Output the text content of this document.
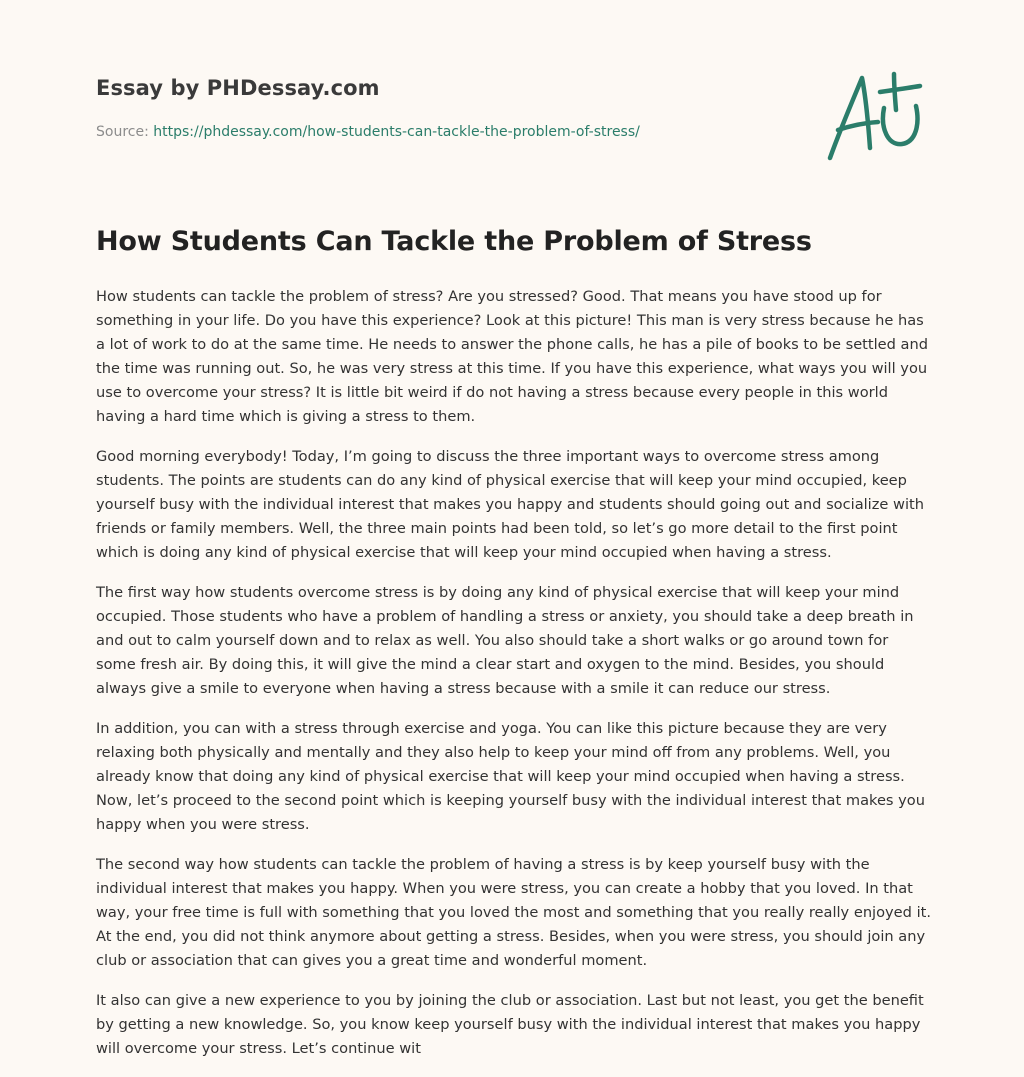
Essay by PHDessay.com

Source: https://phdessay.com/how-students-can-tackle-the-problem-of-stress/

How Students Can Tackle the Problem of Stress

How students can tackle the problem of stress? Are you stressed? Good. That means you have stood up for something in your life. Do you have this experience? Look at this picture! This man is very stress because he has a lot of work to do at the same time. He needs to answer the phone calls, he has a pile of books to be settled and the time was running out. So, he was very stress at this time. If you have this experience, what ways you will you use to overcome your stress? It is little bit weird if do not having a stress because every people in this world having a hard time which is giving a stress to them.

Good morning everybody! Today, I’m going to discuss the three important ways to overcome stress among students. The points are students can do any kind of physical exercise that will keep your mind occupied, keep yourself busy with the individual interest that makes you happy and students should going out and socialize with friends or family members. Well, the three main points had been told, so let’s go more detail to the first point which is doing any kind of physical exercise that will keep your mind occupied when having a stress.

The first way how students overcome stress is by doing any kind of physical exercise that will keep your mind occupied. Those students who have a problem of handling a stress or anxiety, you should take a deep breath in and out to calm yourself down and to relax as well. You also should take a short walks or go around town for some fresh air. By doing this, it will give the mind a clear start and oxygen to the mind. Besides, you should always give a smile to everyone when having a stress because with a smile it can reduce our stress.

In addition, you can with a stress through exercise and yoga. You can like this picture because they are very relaxing both physically and mentally and they also help to keep your mind off from any problems. Well, you already know that doing any kind of physical exercise that will keep your mind occupied when having a stress. Now, let’s proceed to the second point which is keeping yourself busy with the individual interest that makes you happy when you were stress.

The second way how students can tackle the problem of having a stress is by keep yourself busy with the individual interest that makes you happy. When you were stress, you can create a hobby that you loved. In that way, your free time is full with something that you loved the most and something that you really really enjoyed it. At the end, you did not think anymore about getting a stress. Besides, when you were stress, you should join any club or association that can gives you a great time and wonderful moment.

It also can give a new experience to you by joining the club or association. Last but not least, you get the benefit by getting a new knowledge. So, you know keep yourself busy with the individual interest that makes you happy will overcome your stress. Let’s continue wit
